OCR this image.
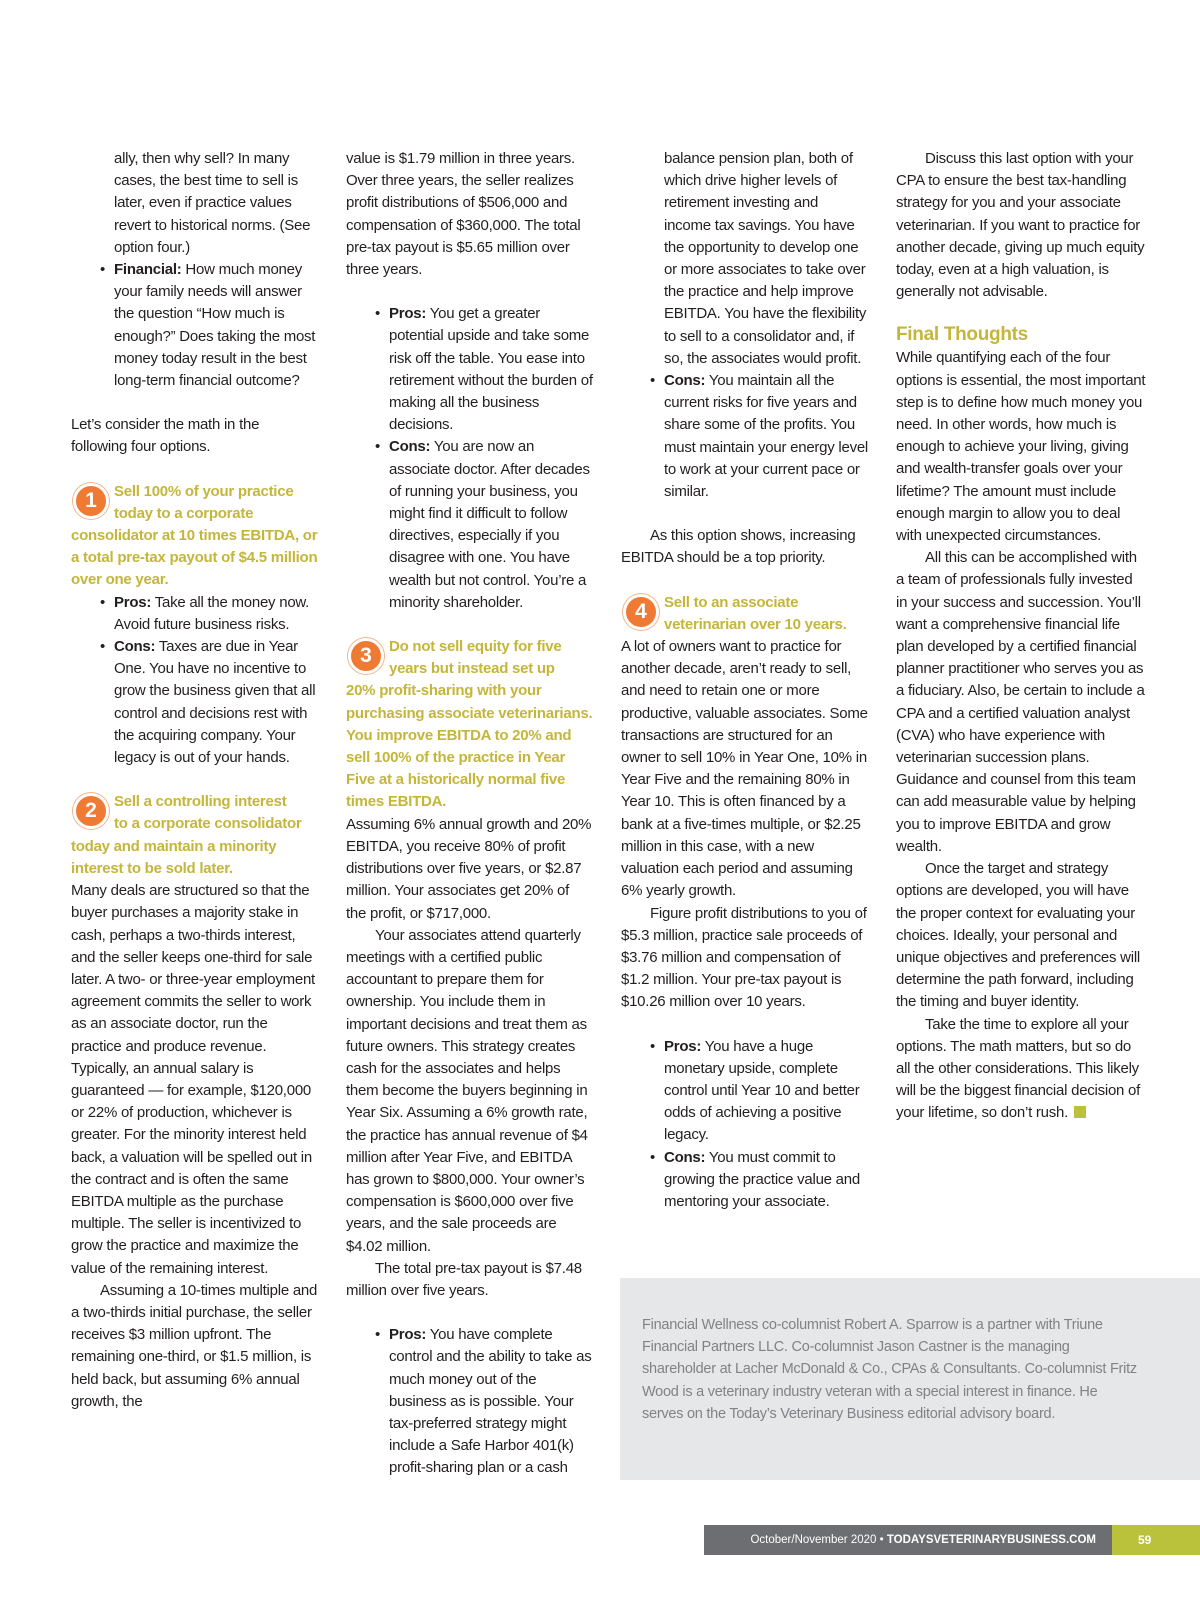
ally, then why sell? In many cases, the best time to sell is later, even if practice values revert to historical norms. (See option four.)

• Financial: How much money your family needs will answer the question “How much is enough?” Does taking the most money today result in the best long-term financial outcome?

Let’s consider the math in the following four options.

1	Sell 100% of your practice
today to a corporate
consolidator at 10 times EBITDA, or a total pre-tax payout of $4.5 million over one year.
• Pros: Take all the money now. Avoid future business risks.
• Cons: Taxes are due in Year One. You have no incentive to grow the business given that all control and decisions rest with the acquiring company. Your legacy is out of your hands.
2	Sell a controlling interest
to a corporate consolidator
today and maintain a minority interest to be sold later.

Many deals are structured so that the buyer purchases a majority stake in cash, perhaps a two-thirds interest, and the seller keeps one-third for sale later. A two- or three-year employment agreement commits the seller to work as an associate doctor, run the practice and produce revenue. Typically, an annual salary is guaranteed — for example, $120,000 or 22% of production, whichever is greater. For the minority interest held back, a valuation will be spelled out in the contract and is often the same EBITDA multiple as the purchase multiple. The seller is incentivized to grow the practice and maximize the value of the remaining interest.

Assuming a 10-times multiple and a two-thirds initial purchase, the seller receives $3 million upfront. The remaining one-third, or $1.5 million, is held back, but assuming 6% annual growth, the

value is $1.79 million in three years. Over three years, the seller realizes profit distributions of $506,000 and compensation of $360,000. The total pre-tax payout is $5.65 million over three years.

• Pros: You get a greater potential upside and take some risk off the table. You ease into retirement without the burden of making all the business decisions.
• Cons: You are now an associate doctor. After decades of running your business, you might find it difficult to follow directives, especially if you disagree with one. You have wealth but not control. You’re a minority shareholder.
3	Do not sell equity for five
years but instead set up
20% profit-sharing with your purchasing associate veterinarians. You improve EBITDA to 20% and sell 100% of the practice in Year Five at a historically normal five times EBITDA.

Assuming 6% annual growth and 20% EBITDA, you receive 80% of profit distributions over five years, or $2.87 million. Your associates get 20% of the profit, or $717,000.

Your associates attend quarterly meetings with a certified public accountant to prepare them for ownership. You include them in important decisions and treat them as future owners. This strategy creates cash for the associates and helps them become the buyers beginning in Year Six. Assuming a 6% growth rate, the practice has annual revenue of $4 million after Year Five, and EBITDA has grown to $800,000. Your owner’s compensation is $600,000 over five years, and the sale proceeds are $4.02 million.

The total pre-tax payout is $7.48 million over five years.

• Pros: You have complete control and the ability to take as much money out of the business as is possible. Your tax-preferred strategy might include a Safe Harbor 401(k) profit-sharing plan or a cash
balance pension plan, both of which drive higher levels of retirement investing and income tax savings. You have the opportunity to develop one or more associates to take over the practice and help improve EBITDA. You have the flexibility to sell to a consolidator and, if so, the associates would profit.
• Cons: You maintain all the current risks for five years and share some of the profits. You must maintain your energy level to work at your current pace or similar.

As this option shows, increasing EBITDA should be a top priority.

4	Sell to an associate
veterinarian over 10 years.

A lot of owners want to practice for another decade, aren’t ready to sell, and need to retain one or more productive, valuable associates. Some transactions are structured for an owner to sell 10% in Year One, 10% in Year Five and the remaining 80% in Year 10. This is often financed by a bank at a five-times multiple, or $2.25 million in this case, with a new valuation each period and assuming 6% yearly growth.

Figure profit distributions to you of $5.3 million, practice sale proceeds of $3.76 million and compensation of $1.2 million. Your pre-tax payout is $10.26 million over 10 years.

• Pros: You have a huge monetary upside, complete control until Year 10 and better odds of achieving a positive legacy.
• Cons: You must commit to growing the practice value and mentoring your associate.

Discuss this last option with your CPA to ensure the best tax-handling strategy for you and your associate veterinarian. If you want to practice for another decade, giving up much equity today, even at a high valuation, is generally not advisable.

Final Thoughts

While quantifying each of the four options is essential, the most important step is to define how much money you need. In other words, how much is enough to achieve your living, giving and wealth-transfer goals over your lifetime? The amount must include enough margin to allow you to deal with unexpected circumstances.

All this can be accomplished with a team of professionals fully invested in your success and succession. You’ll want a comprehensive financial life plan developed by a certified financial planner practitioner who serves you as a fiduciary. Also, be certain to include a CPA and a certified valuation analyst (CVA) who have experience with veterinarian succession plans. Guidance and counsel from this team can add measurable value by helping you to improve EBITDA and grow wealth.

Once the target and strategy options are developed, you will have the proper context for evaluating your choices. Ideally, your personal and unique objectives and preferences will determine the path forward, including the timing and buyer identity.

Take the time to explore all your options. The math matters, but so do all the other considerations. This likely will be the biggest financial decision of your lifetime, so don’t rush.

Financial Wellness co-columnist Robert A. Sparrow is a partner with Triune Financial Partners LLC. Co-columnist Jason Castner is the managing shareholder at Lacher McDonald & Co., CPAs & Consultants. Co-columnist Fritz Wood is a veterinary industry veteran with a special interest in finance. He serves on the Today’s Veterinary Business editorial advisory board.

October/November 2020 • TODAYSVETERINARYBUSINESS.COM	59
